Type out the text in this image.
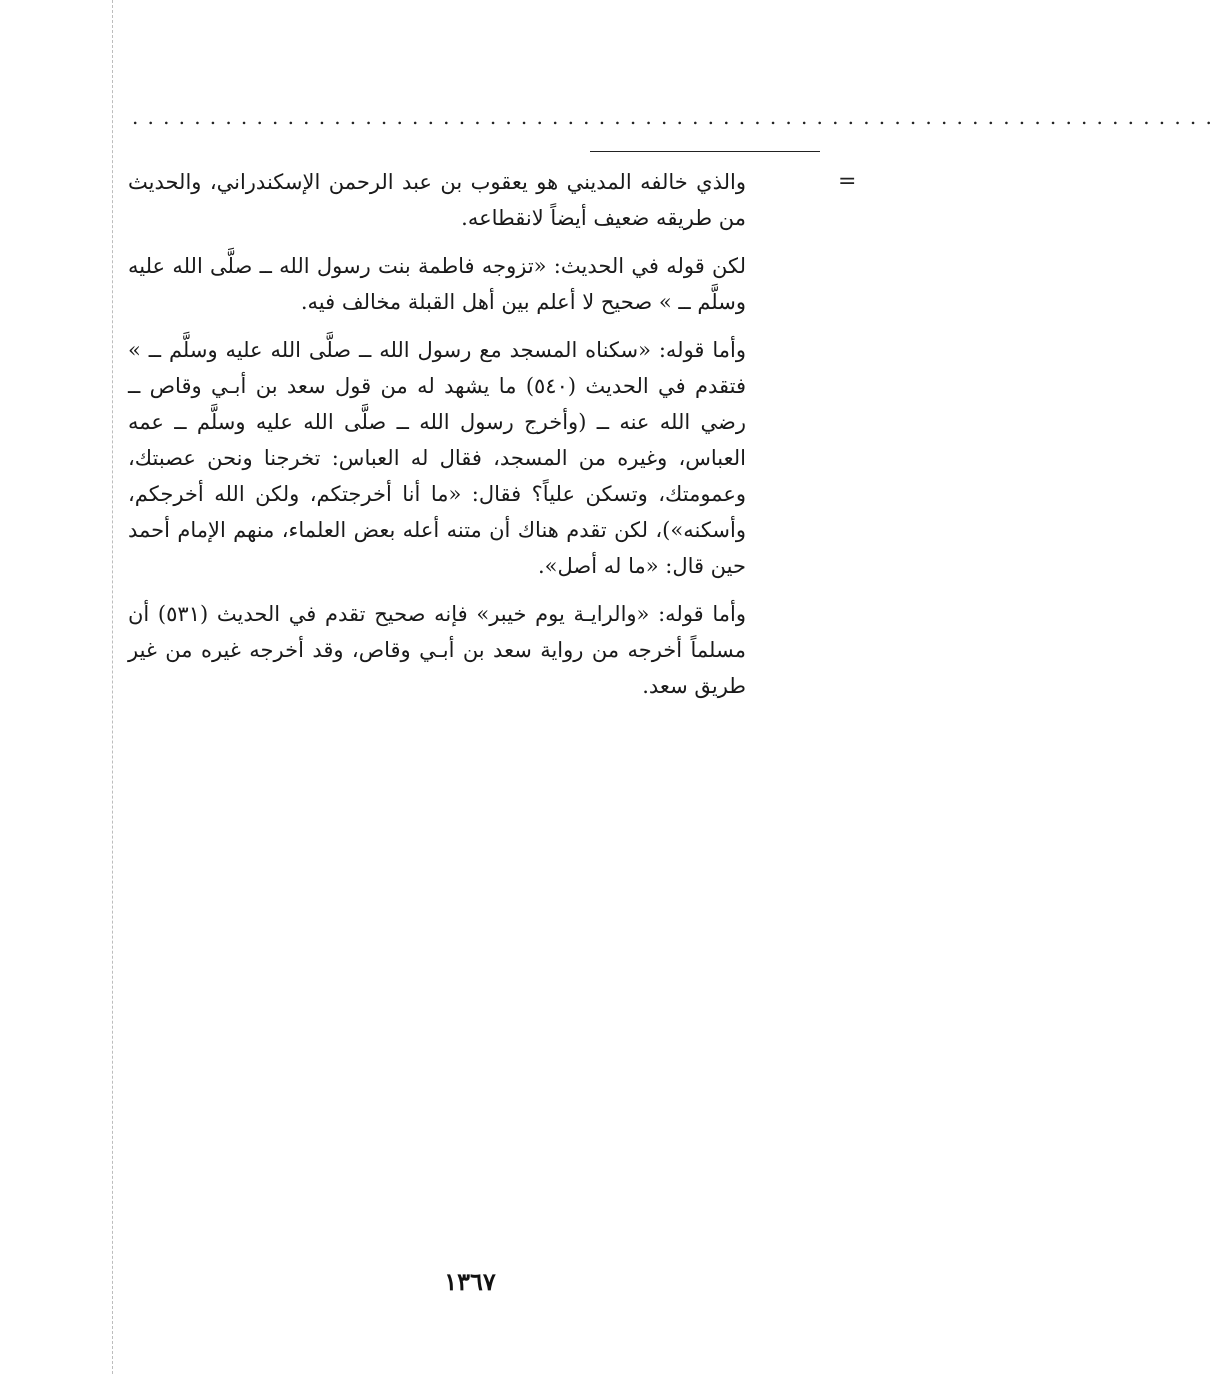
......................................................................
=

والذي خالفه المديني هو يعقوب بن عبد الرحمن الإسكندراني، والحديث من طريقه ضعيف أيضاً لانقطاعه.

لكن قوله في الحديث: «تزوجه فاطمة بنت رسول الله ــ صلَّى الله عليه وسلَّم ــ » صحيح لا أعلم بين أهل القبلة مخالف فيه.

وأما قوله: «سكناه المسجد مع رسول الله ــ صلَّى الله عليه وسلَّم ــ » فتقدم في الحديث (٥٤٠) ما يشهد له من قول سعد بن أبـي وقاص ــ رضي الله عنه ــ (وأخرج رسول الله ــ صلَّى الله عليه وسلَّم ــ عمه العباس، وغيره من المسجد، فقال له العباس: تخرجنا ونحن عصبتك، وعمومتك، وتسكن علياً؟ فقال: «ما أنا أخرجتكم، ولكن الله أخرجكم، وأسكنه»)، لكن تقدم هناك أن متنه أعله بعض العلماء، منهم الإمام أحمد حين قال: «ما له أصل».

وأما قوله: «والرايـة يوم خيبر» فإنه صحيح تقدم في الحديث (٥٣١) أن مسلماً أخرجه من رواية سعد بن أبـي وقاص، وقد أخرجه غيره من غير طريق سعد.

١٣٦٧
